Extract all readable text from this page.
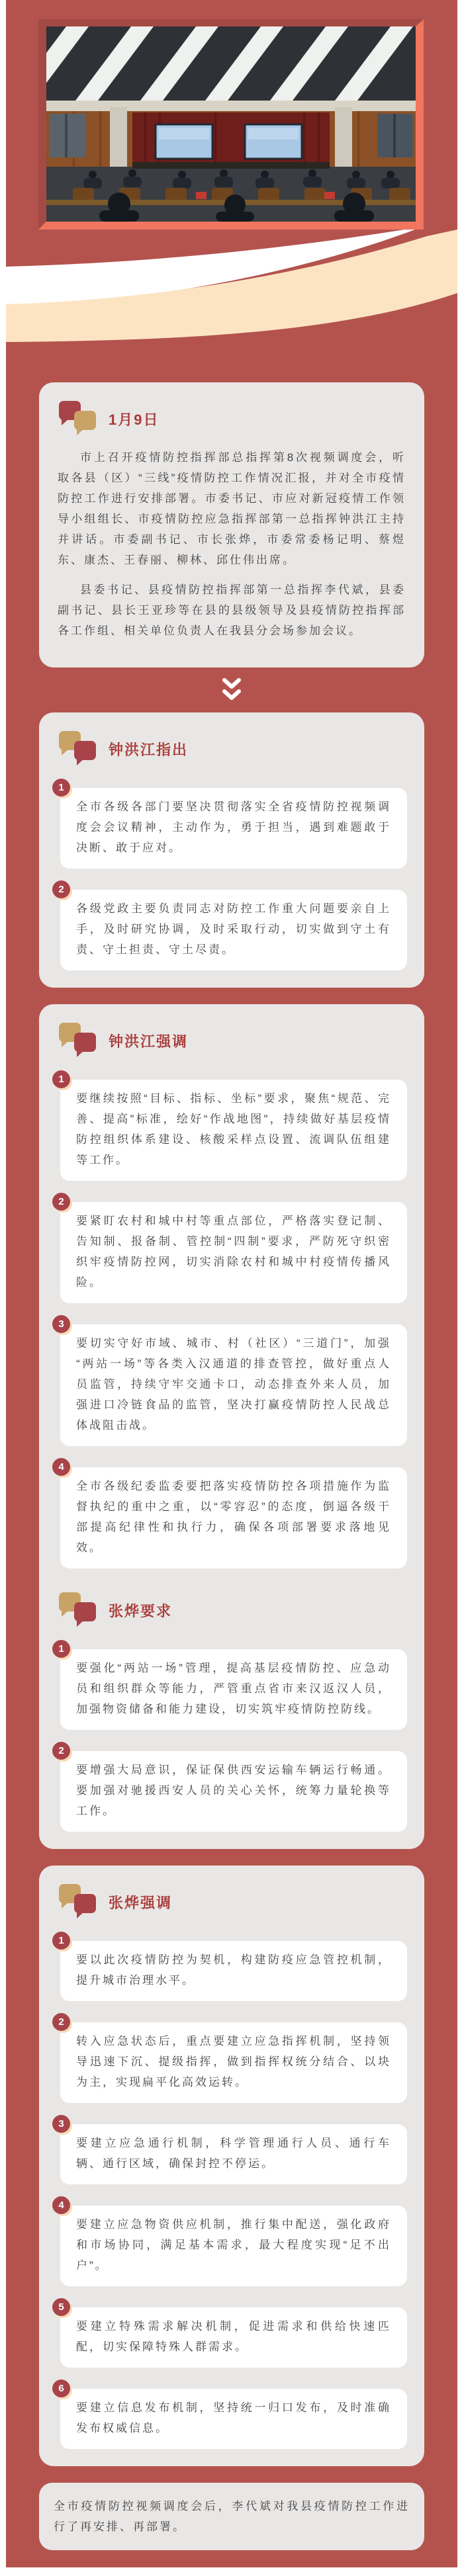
1月9日

市上召开疫情防控指挥部总指挥第8次视频调度会，听取各县（区）“三线”疫情防控工作情况汇报，并对全市疫情防控工作进行安排部署。市委书记、市应对新冠疫情工作领导小组组长、市疫情防控应急指挥部第一总指挥钟洪江主持并讲话。市委副书记、市长张烨，市委常委杨记明、蔡煜东、康杰、王春丽、柳林、邱仕伟出席。

县委书记、县疫情防控指挥部第一总指挥李代斌，县委副书记、县长王亚珍等在县的县级领导及县疫情防控指挥部各工作组、相关单位负责人在我县分会场参加会议。

钟洪江指出
1
全市各级各部门要坚决贯彻落实全省疫情防控视频调度会会议精神，主动作为，勇于担当，遇到难题敢于决断、敢于应对。
2
各级党政主要负责同志对防控工作重大问题要亲自上手，及时研究协调，及时采取行动，切实做到守土有责、守土担责、守土尽责。
钟洪江强调
1
要继续按照“目标、指标、坐标”要求，聚焦“规范、完善、提高”标准，绘好“作战地图”，持续做好基层疫情防控组织体系建设、核酸采样点设置、流调队伍组建等工作。
2
要紧盯农村和城中村等重点部位，严格落实登记制、告知制、报备制、管控制“四制”要求，严防死守织密织牢疫情防控网，切实消除农村和城中村疫情传播风险。
3
要切实守好市域、城市、村（社区）“三道门”，加强“两站一场”等各类入汉通道的排查管控，做好重点人员监管，持续守牢交通卡口，动态排查外来人员，加强进口冷链食品的监管，坚决打赢疫情防控人民战总体战阻击战。
4
全市各级纪委监委要把落实疫情防控各项措施作为监督执纪的重中之重，以“零容忍”的态度，倒逼各级干部提高纪律性和执行力，确保各项部署要求落地见效。
张烨要求
1
要强化“两站一场”管理，提高基层疫情防控、应急动员和组织群众等能力，严管重点省市来汉返汉人员，加强物资储备和能力建设，切实筑牢疫情防控防线。
2
要增强大局意识，保证保供西安运输车辆运行畅通。要加强对驰援西安人员的关心关怀，统筹力量轮换等工作。
张烨强调
1
要以此次疫情防控为契机，构建防疫应急管控机制，提升城市治理水平。
2
转入应急状态后，重点要建立应急指挥机制，坚持领导迅速下沉、提级指挥，做到指挥权统分结合、以块为主，实现扁平化高效运转。
3
要建立应急通行机制，科学管理通行人员、通行车辆、通行区域，确保封控不停运。
4
要建立应急物资供应机制，推行集中配送，强化政府和市场协同，满足基本需求，最大程度实现“足不出户”。
5
要建立特殊需求解决机制，促进需求和供给快速匹配，切实保障特殊人群需求。
6
要建立信息发布机制，坚持统一归口发布，及时准确发布权威信息。

全市疫情防控视频调度会后，李代斌对我县疫情防控工作进行了再安排、再部署。
